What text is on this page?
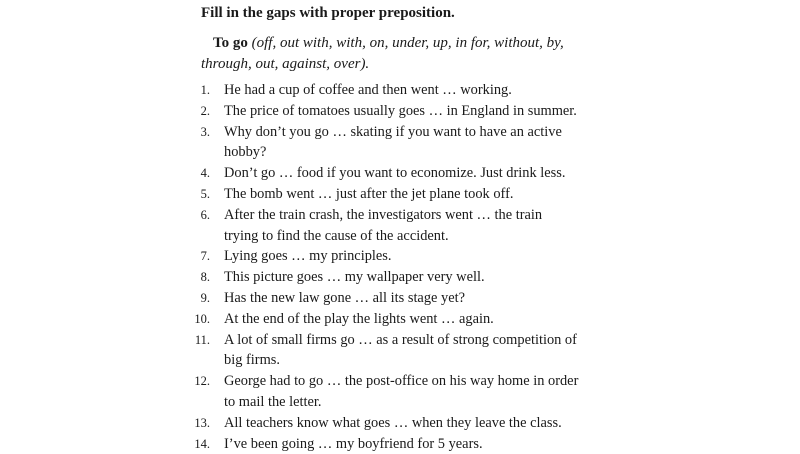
Fill in the gaps with proper preposition.
To go (off, out with, with, on, under, up, in for, without, by, through, out, against, over).
1. He had a cup of coffee and then went … working.
2. The price of tomatoes usually goes … in England in summer.
3. Why don’t you go … skating if you want to have an active
hobby?
4. Don’t go … food if you want to economize. Just drink less.
5. The bomb went … just after the jet plane took off.
6. After the train crash, the investigators went … the train
trying to find the cause of the accident.
7. Lying goes … my principles.
8. This picture goes … my wallpaper very well.
9. Has the new law gone … all its stage yet?
10. At the end of the play the lights went … again.
11. A lot of small firms go … as a result of strong competition of
big firms.
12. George had to go … the post-office on his way home in order
to mail the letter.
13. All teachers know what goes … when they leave the class.
14. I’ve been going … my boyfriend for 5 years.
